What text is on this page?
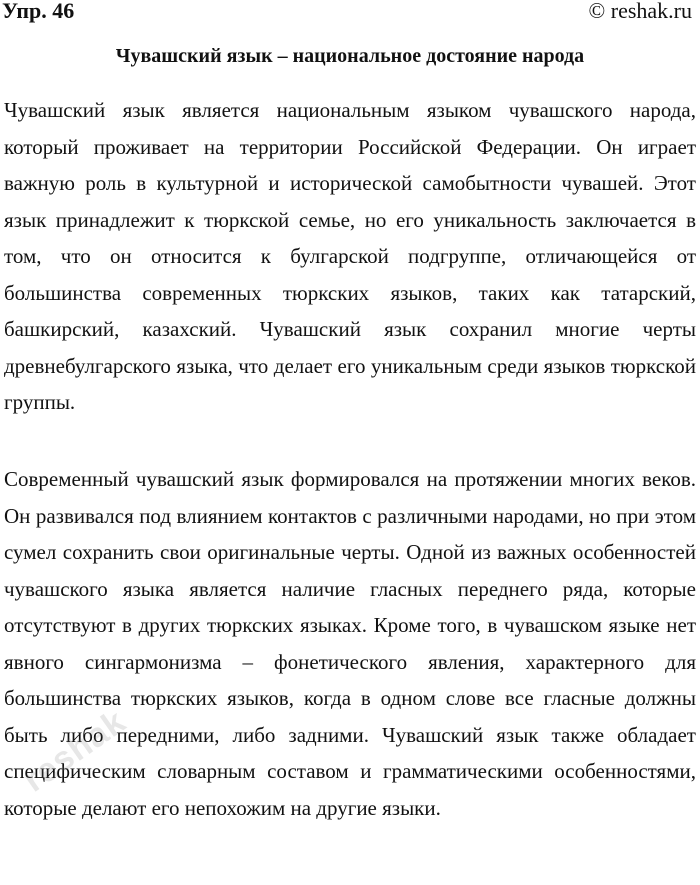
Упр. 46	© reshak.ru
Чувашский язык – национальное достояние народа

Чувашский язык является национальным языком чувашского народа, который проживает на территории Российской Федерации. Он играет важную роль в культурной и исторической самобытности чувашей. Этот язык принадлежит к тюркской семье, но его уникальность заключается в том, что он относится к булгарской подгруппе, отличающейся от большинства современных тюркских языков, таких как татарский, башкирский, казахский. Чувашский язык сохранил многие черты древнебулгарского языка, что делает его уникальным среди языков тюркской группы.

Современный чувашский язык формировался на протяжении многих веков. Он развивался под влиянием контактов с различными народами, но при этом сумел сохранить свои оригинальные черты. Одной из важных особенностей чувашского языка является наличие гласных переднего ряда, которые отсутствуют в других тюркских языках. Кроме того, в чувашском языке нет явного сингармонизма – фонетического явления, характерного для большинства тюркских языков, когда в одном слове все гласные должны быть либо передними, либо задними. Чувашский язык также обладает специфическим словарным составом и грамматическими особенностями, которые делают его непохожим на другие языки.

reshak
